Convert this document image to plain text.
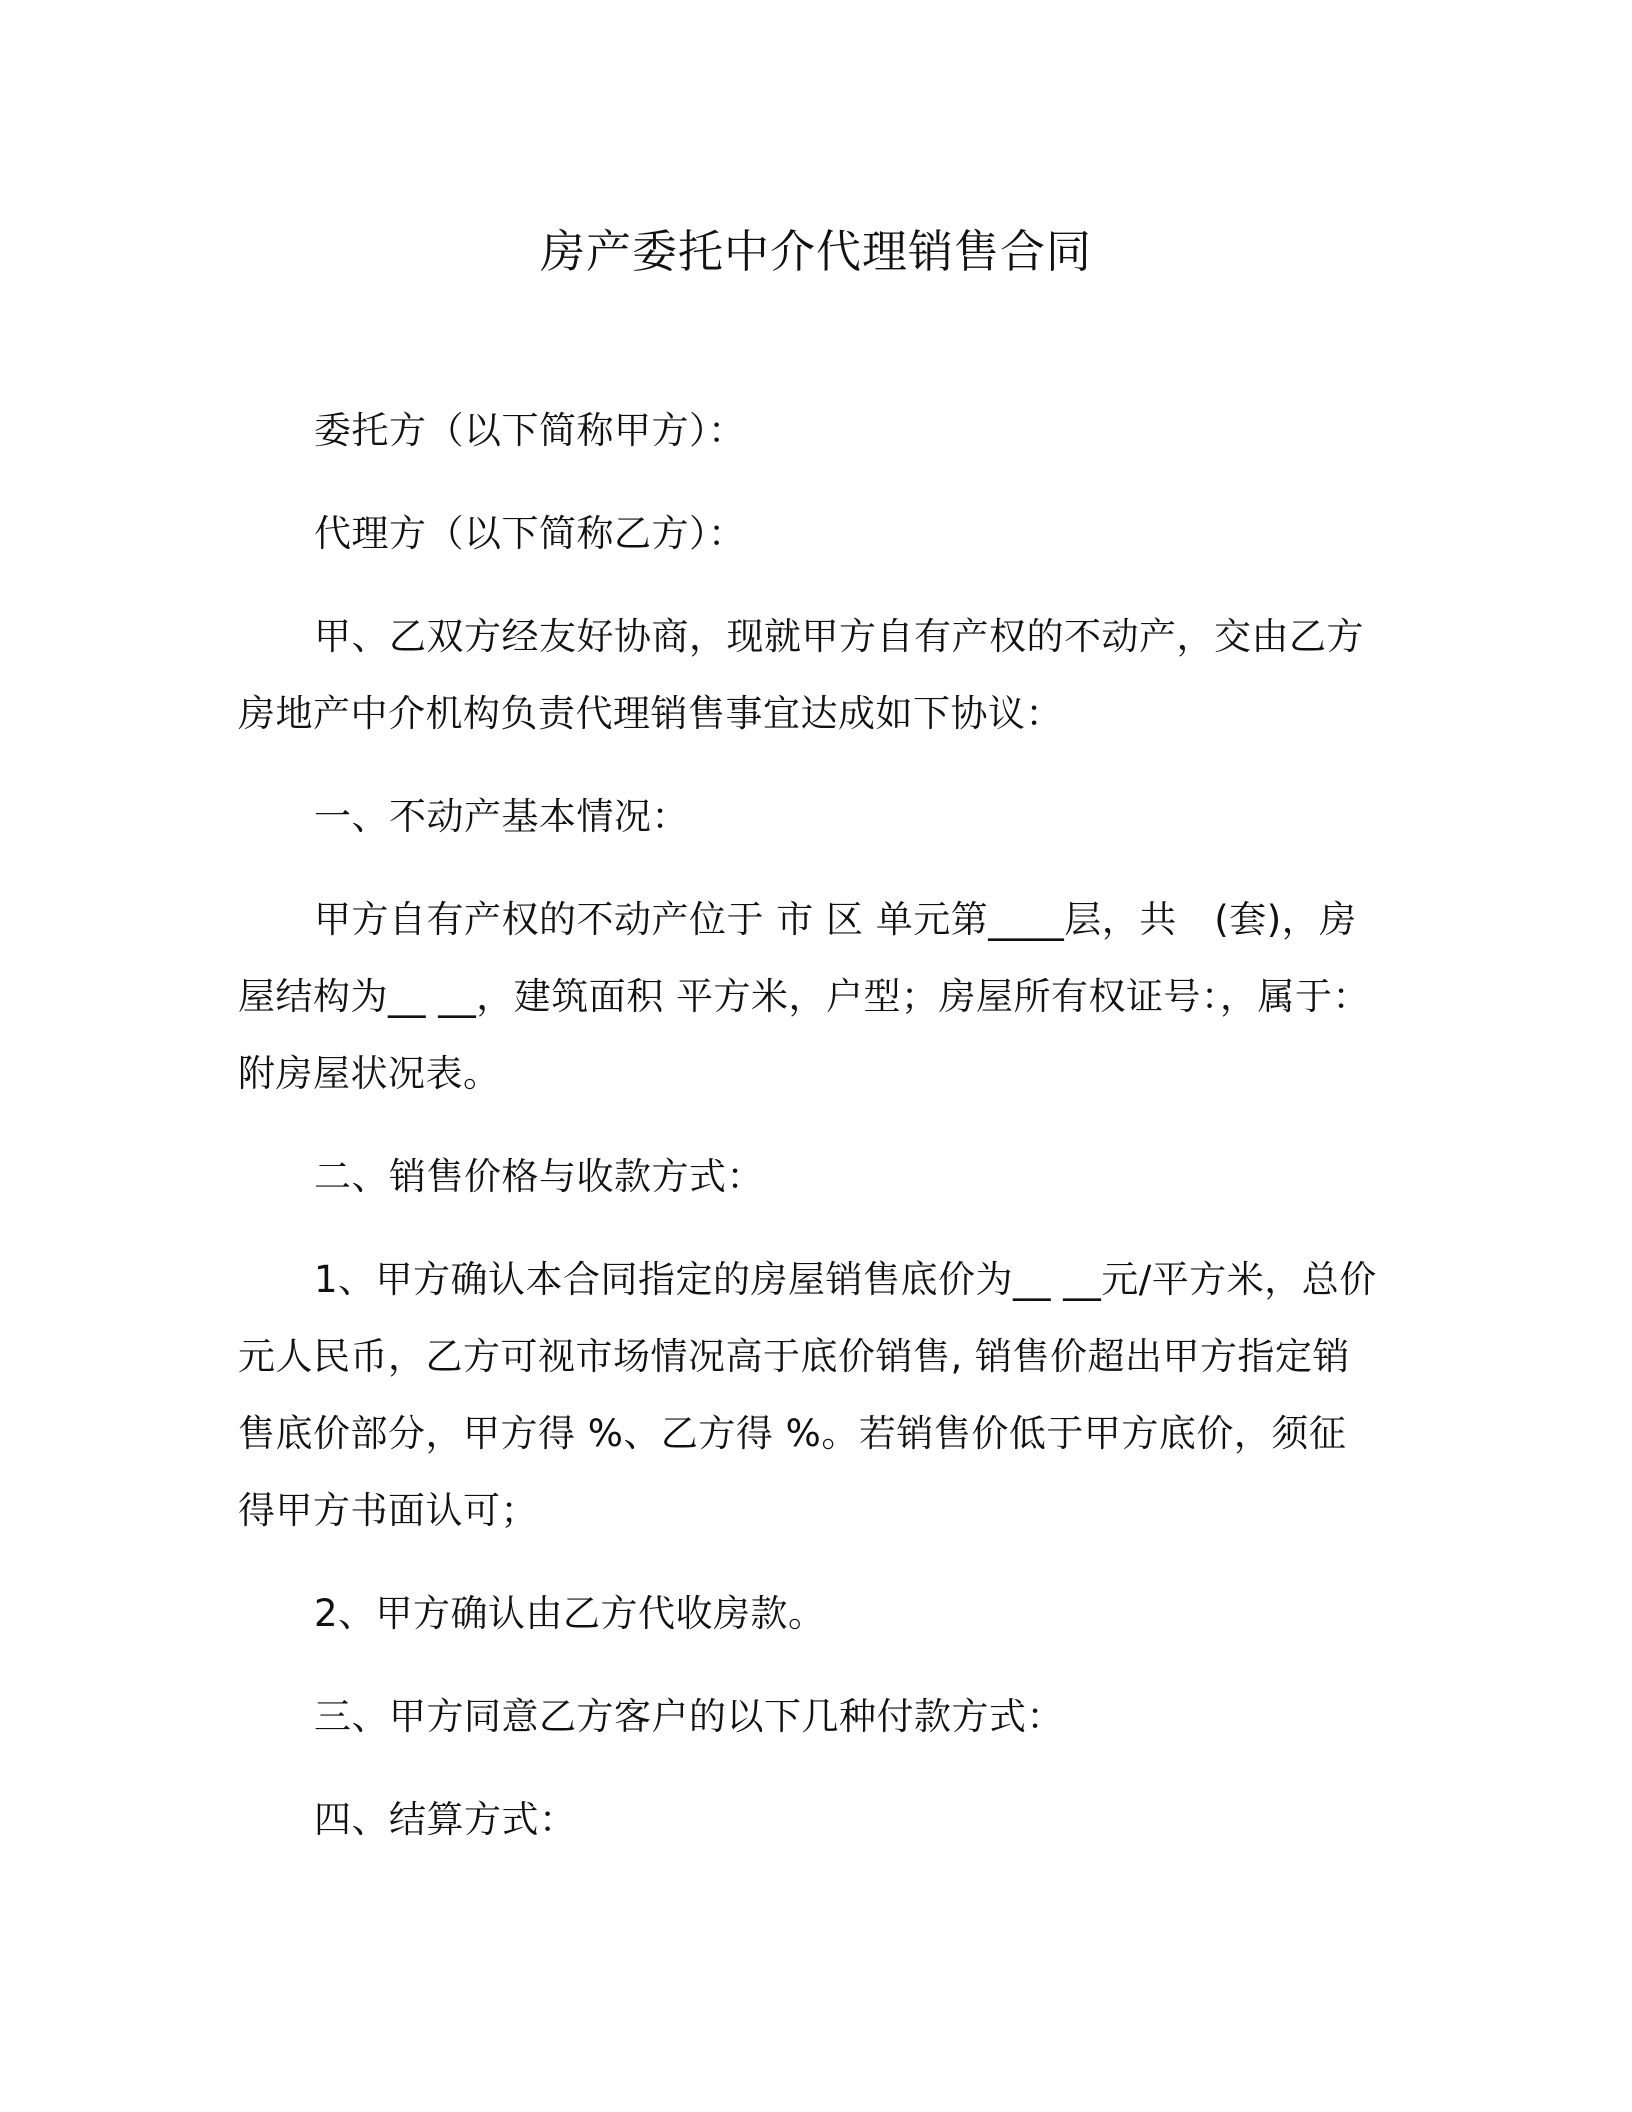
房产委托中介代理销售合同

委托方（以下简称甲方）：

代理方（以下简称乙方）：

甲、乙双方经友好协商，现就甲方自有产权的不动产，交由乙方房地产中介机构负责代理销售事宜达成如下协议：

一、不动产基本情况：

甲方自有产权的不动产位于 市 区 单元第____层，共　(套)，房屋结构为__ __，建筑面积 平方米，户型；房屋所有权证号：，属于：附房屋状况表。

二、销售价格与收款方式：

1、甲方确认本合同指定的房屋销售底价为__ __元/平方米，总价元人民币，乙方可视市场情况高于底价销售, 销售价超出甲方指定销售底价部分，甲方得 %、乙方得 %。若销售价低于甲方底价，须征得甲方书面认可；

2、甲方确认由乙方代收房款。

三、甲方同意乙方客户的以下几种付款方式：

四、结算方式：
